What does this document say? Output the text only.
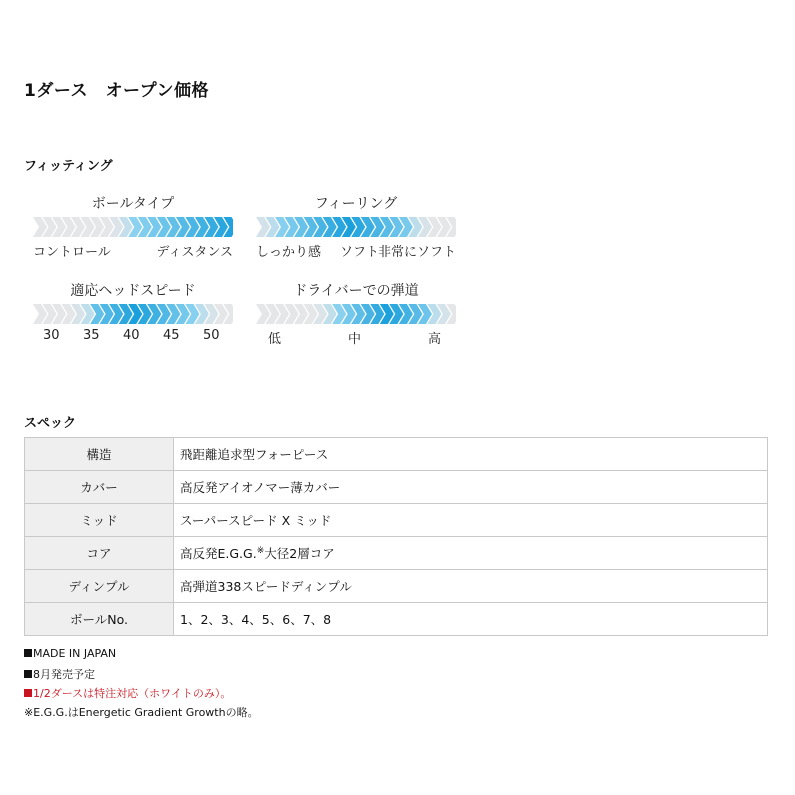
1ダース　オープン価格
フィッティング
ボールタイプ
コントロール	ディスタンス
フィーリング
しっかり感 ソフト
非常にソフト
適応ヘッドスピード
30 35 40 45 50
ドライバーでの弾道
低	中	高
スペック
構造	飛距離追求型フォーピース
カバー	高反発アイオノマー薄カバー
ミッド	スーパースピード X ミッド
コア	高反発E.G.G.※大径2層コア
ディンプル	高弾道338スピードディンプル
ボールNo.	1、2、3、4、5、6、7、8
MADE IN JAPAN
8月発売予定
1/2ダースは特注対応（ホワイトのみ）。
※E.G.G.はEnergetic Gradient Growthの略。
